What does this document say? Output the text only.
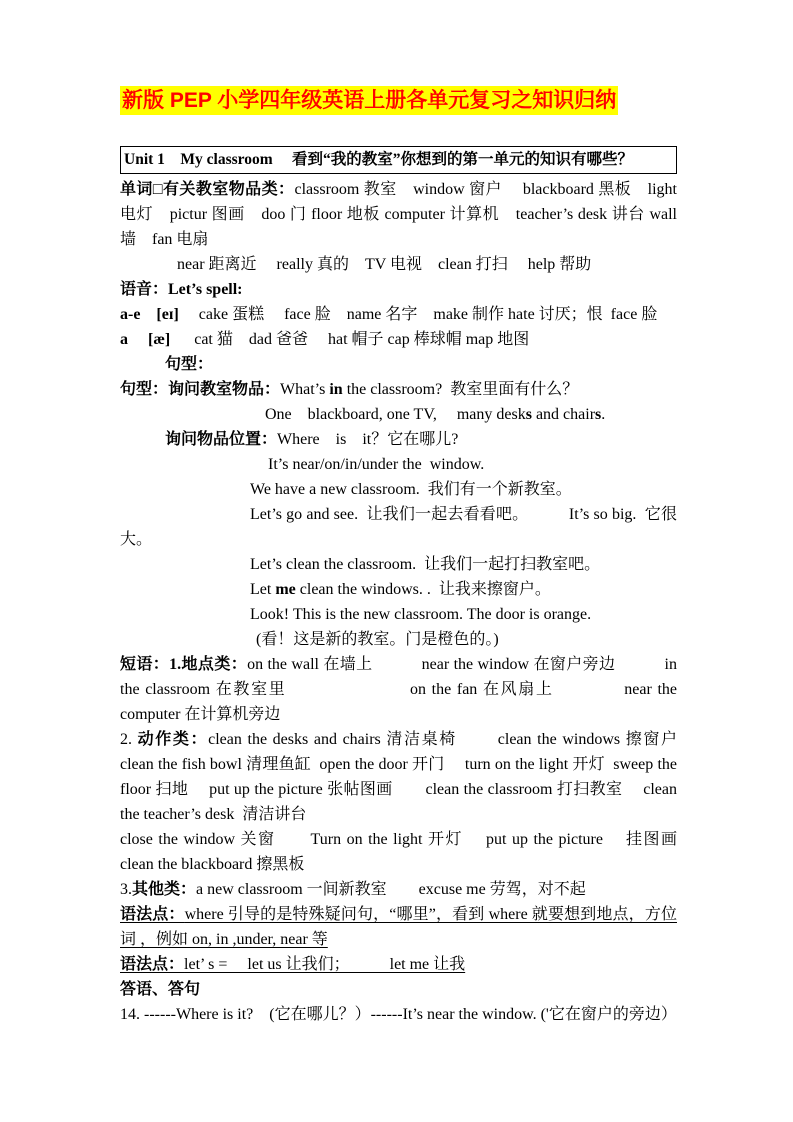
新版 PEP 小学四年级英语上册各单元复习之知识归纳
Unit 1　My classroom　 看到“我的教室”你想到的第一单元的知识有哪些？

单词□有关教室物品类：classroom 教室　window 窗户　 blackboard 黑板　light 电灯　pictur 图画　doo 门 floor 地板 computer 计算机　teacher’s desk 讲台 wall 墙　fan 电扇

near 距离近　 really 真的　TV 电视　clean 打扫　 help 帮助

语音：Let’s spell:

a-e　[eɪ]　 cake 蛋糕　 face 脸　name 名字　make 制作 hate 讨厌；恨  face 脸

a　 [æ]　  cat 猫　dad 爸爸　 hat 帽子 cap 棒球帽 map 地图

句型：

句型：询问教室物品：What’s in the classroom?  教室里面有什么？

One　blackboard, one TV,　 many desks and chairs.

询问物品位置：Where　is　it？它在哪儿?

It’s near/on/in/under the  window.

We have a new classroom.  我们有一个新教室。

Let’s go and see.  让我们一起去看看吧。　　　It’s so big.  它很大。

Let’s clean the classroom.  让我们一起打扫教室吧。

Let me clean the windows. .  让我来擦窗户。

Look! This is the new classroom. The door is orange.

(看！这是新的教室。门是橙色的。)

短语：1.地点类：on the wall 在墙上　　　near the window 在窗户旁边　　　in the classroom 在教室里　　　　　　　on the fan 在风扇上　　　　near the computer 在计算机旁边

2. 动作类：clean the desks and chairs 清洁桌椅　　 clean the windows 擦窗户 clean the fish bowl 清理鱼缸  open the door 开门　 turn on the light 开灯  sweep the floor 扫地　 put up the picture 张帖图画　　clean the classroom 打扫教室　 clean the teacher’s desk  清洁讲台

close the window 关窗　　Turn on the light 开灯　 put up the picture 　挂图画 clean the blackboard 擦黑板

3.其他类：a new classroom 一间新教室　　excuse me 劳驾，对不起

语法点：where 引导的是特殊疑问句，“哪里”，看到 where 就要想到地点，方位词 ，例如 on, in ,under, near 等

语法点：let’ s =　 let us 让我们；　　　let me 让我

答语、答句

14. ------Where is it?　(它在哪儿？）------It’s near the window. ('它在窗户的旁边）
